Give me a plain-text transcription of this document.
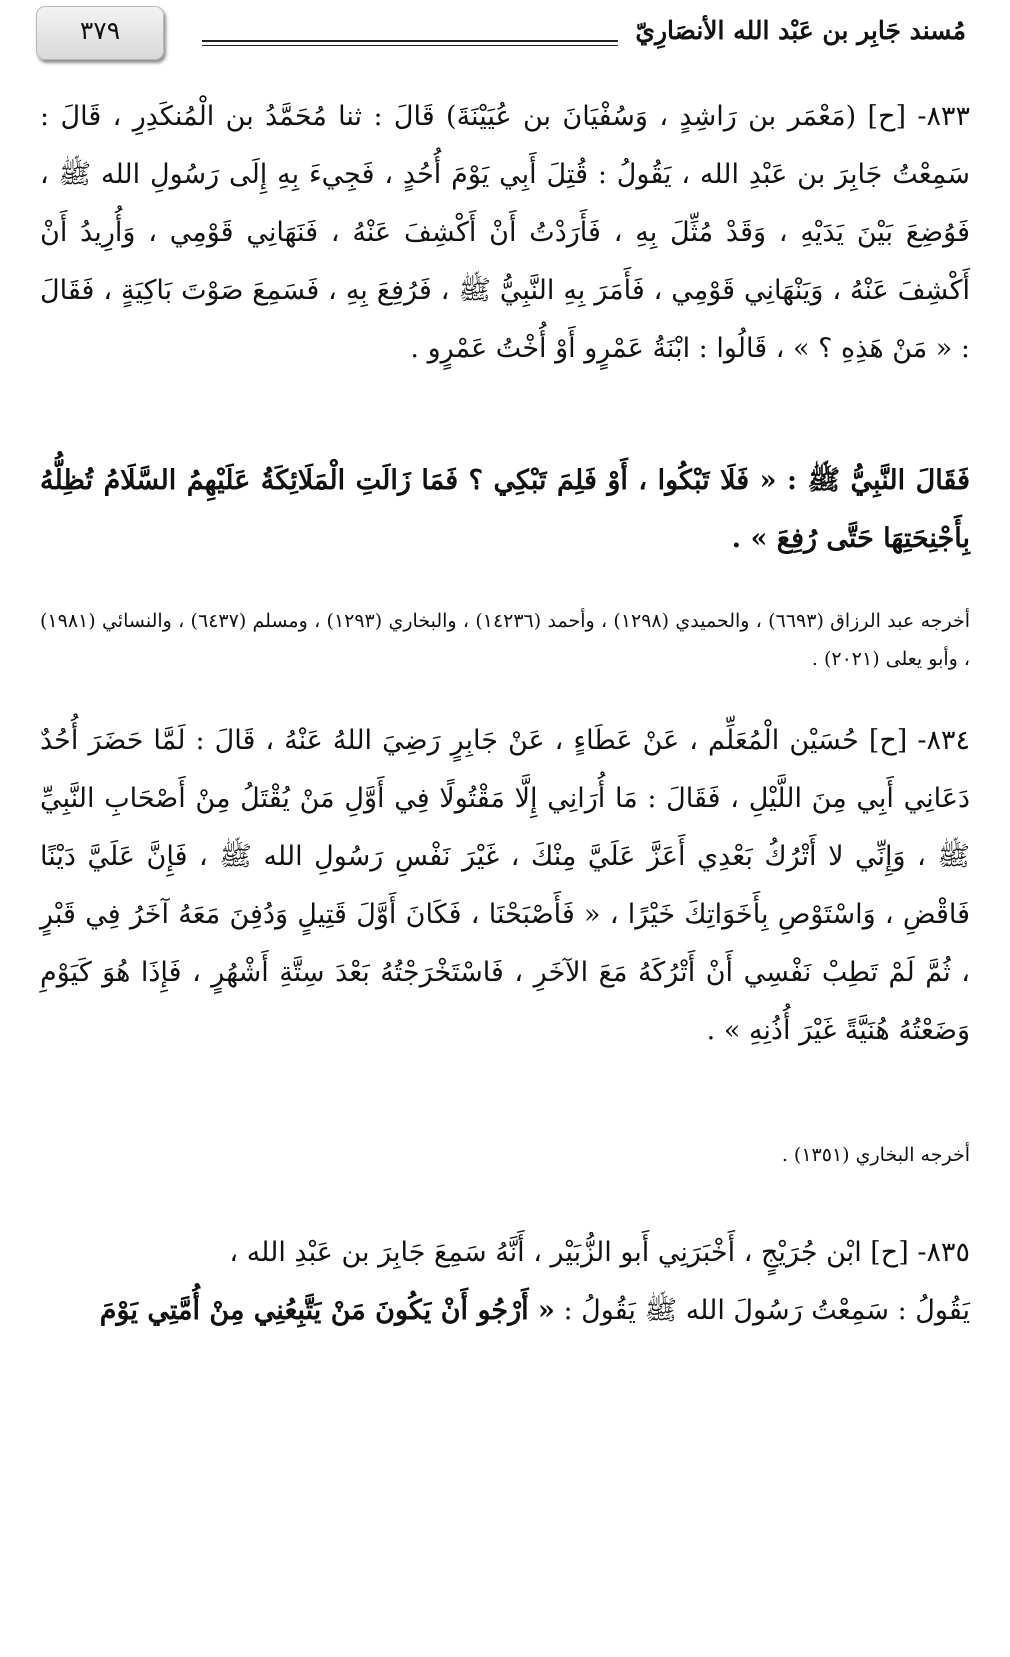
مُسند جَابِر بن عَبْد الله الأنصَارِيّ
٣٧٩
٨٣٣- [ح] (مَعْمَر بن رَاشِدٍ ، وَسُفْيَانَ بن عُيَيْنَةَ) قَالَ : ثنا مُحَمَّدُ بن الْمُنكَدِرِ ، قَالَ : سَمِعْتُ جَابِرَ بن عَبْدِ الله ، يَقُولُ : قُتِلَ أَبِي يَوْمَ أُحُدٍ ، فَجِيءَ بِهِ إِلَى رَسُولِ الله ﷺ ، فَوُضِعَ بَيْنَ يَدَيْهِ ، وَقَدْ مُثِّلَ بِهِ ، فَأَرَدْتُ أَنْ أَكْشِفَ عَنْهُ ، فَنَهَانِي قَوْمِي ، وَأُرِيدُ أَنْ أَكْشِفَ عَنْهُ ، وَيَنْهَانِي قَوْمِي ، فَأَمَرَ بِهِ النَّبِيُّ ﷺ ، فَرُفِعَ بِهِ ، فَسَمِعَ صَوْتَ بَاكِيَةٍ ، فَقَالَ : « مَنْ هَذِهِ ؟ » ، قَالُوا : ابْنَةُ عَمْرٍو أَوْ أُخْتُ عَمْرٍو .
فَقَالَ النَّبِيُّ ﷺ : « فَلَا تَبْكُوا ، أَوْ فَلِمَ تَبْكِي ؟ فَمَا زَالَتِ الْمَلَائِكَةُ عَلَيْهِمُ السَّلَامُ تُظِلُّهُ بِأَجْنِحَتِهَا حَتَّى رُفِعَ » .
أخرجه عبد الرزاق (٦٦٩٣) ، والحميدي (١٢٩٨) ، وأحمد (١٤٢٣٦) ، والبخاري (١٢٩٣) ، ومسلم (٦٤٣٧) ، والنسائي (١٩٨١) ، وأبو يعلى (٢٠٢١) .
٨٣٤- [ح] حُسَيْن الْمُعَلِّم ، عَنْ عَطَاءٍ ، عَنْ جَابِرٍ رَضِيَ اللهُ عَنْهُ ، قَالَ : لَمَّا حَضَرَ أُحُدٌ دَعَانِي أَبِي مِنَ اللَّيْلِ ، فَقَالَ : مَا أُرَانِي إِلَّا مَقْتُولًا فِي أَوَّلِ مَنْ يُقْتَلُ مِنْ أَصْحَابِ النَّبِيِّ ﷺ ، وَإِنِّي لا أَتْرُكُ بَعْدِي أَعَزَّ عَلَيَّ مِنْكَ ، غَيْرَ نَفْسِ رَسُولِ الله ﷺ ، فَإِنَّ عَلَيَّ دَيْنًا فَاقْضِ ، وَاسْتَوْصِ بِأَخَوَاتِكَ خَيْرًا ، « فَأَصْبَحْنَا ، فَكَانَ أَوَّلَ قَتِيلٍ وَدُفِنَ مَعَهُ آخَرُ فِي قَبْرٍ ، ثُمَّ لَمْ تَطِبْ نَفْسِي أَنْ أَتْرُكَهُ مَعَ الآخَرِ ، فَاسْتَخْرَجْتُهُ بَعْدَ سِتَّةِ أَشْهُرٍ ، فَإِذَا هُوَ كَيَوْمِ وَضَعْتُهُ هُنَيَّةً غَيْرَ أُذُنِهِ » .
أخرجه البخاري (١٣٥١) .
٨٣٥- [ح] ابْن جُرَيْجٍ ، أَخْبَرَنِي أَبو الزُّبَيْر ، أَنَّهُ سَمِعَ جَابِرَ بن عَبْدِ الله ،
يَقُولُ : سَمِعْتُ رَسُولَ الله ﷺ يَقُولُ : « أَرْجُو أَنْ يَكُونَ مَنْ يَتَّبِعُنِي مِنْ أُمَّتِي يَوْمَ
